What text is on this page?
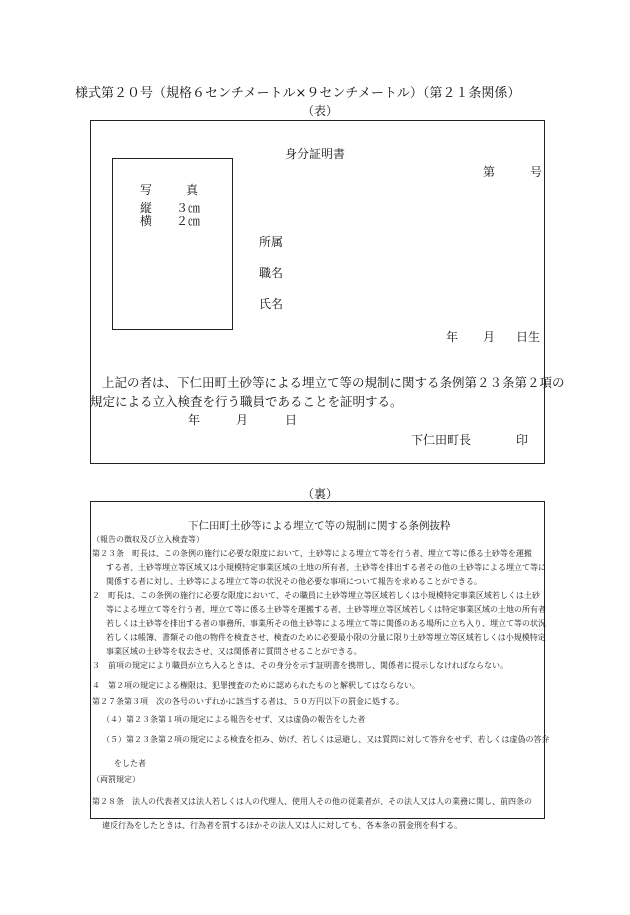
様式第２０号（規格６センチメートル×９センチメートル）（第２１条関係）
（表）
身分証明書
第	号
写	真
縦 ３㎝
横 ２㎝
所属
職名
氏名
年 月 日生
上記の者は、下仁田町土砂等による埋立て等の規制に関する条例第２３条第２項の
規定による立入検査を行う職員であることを証明する。
年	月	日
下仁田町長	印
（裏）
下仁田町土砂等による埋立て等の規制に関する条例抜粋

（報告の徴収及び立入検査等）

第２３条　町長は、この条例の施行に必要な限度において、土砂等による埋立て等を行う者、埋立て等に係る土砂等を運搬

する者、土砂等埋立等区域又は小規模特定事業区域の土地の所有者、土砂等を排出する者その他の土砂等による埋立て等に

関係する者に対し、土砂等による埋立て等の状況その他必要な事項について報告を求めることができる。

２　町長は、この条例の施行に必要な限度において、その職員に土砂等埋立等区域若しくは小規模特定事業区域若しくは土砂

等による埋立て等を行う者、埋立て等に係る土砂等を運搬する者、土砂等埋立等区域若しくは特定事業区域の土地の所有者

若しくは土砂等を排出する者の事務所、事業所その他土砂等による埋立て等に関係のある場所に立ち入り、埋立て等の状況

若しくは帳簿、書類その他の物件を検査させ、検査のために必要最小限の分量に限り土砂等埋立等区域若しくは小規模特定

事業区域の土砂等を収去させ、又は関係者に質問させることができる。

３　前項の規定により職員が立ち入るときは、その身分を示す証明書を携帯し、関係者に提示しなければならない。

４　第２項の規定による権限は、犯罪捜査のために認められたものと解釈してはならない。

第２７条第３項　次の各号のいずれかに該当する者は、５０万円以下の罰金に処する。

（４）第２３条第１項の規定による報告をせず、又は虚偽の報告をした者

（５）第２３条第２項の規定による検査を拒み、妨げ、若しくは忌避し、又は質問に対して答弁をせず、若しくは虚偽の答弁

をした者

（両罰規定）

第２８条　法人の代表者又は法人若しくは人の代理人、使用人その他の従業者が、その法人又は人の業務に関し、前四条の

違反行為をしたときは、行為者を罰するほかその法人又は人に対しても、各本条の罰金刑を科する。
